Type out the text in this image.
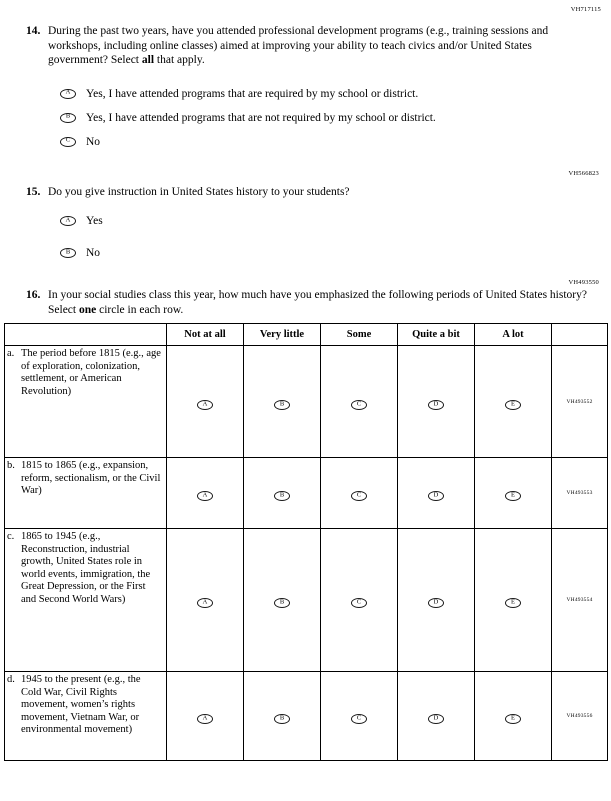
VH717115
14. During the past two years, have you attended professional development programs (e.g., training sessions and workshops, including online classes) aimed at improving your ability to teach civics and/or United States government? Select all that apply.

A Yes, I have attended programs that are required by my school or district.
B Yes, I have attended programs that are not required by my school or district.
C No
VH566823
15. Do you give instruction in United States history to your students?

A Yes
B No
VH493550
16. In your social studies class this year, how much have you emphasized the following periods of United States history? Select one circle in each row.

	Not at all	Very little	Some	Quite a bit	A lot	

a. The period before 1815 (e.g., age of exploration, colonization, settlement, or American Revolution)	A	B	C	D	E	VH493552

b. 1815 to 1865 (e.g., expansion, reform, sectionalism, or the Civil War)	A	B	C	D	E	VH493553

c. 1865 to 1945 (e.g., Reconstruction, industrial growth, United States role in world events, immigration, the Great Depression, or the First and Second World Wars)	A	B	C	D	E	VH493554

d. 1945 to the present (e.g., the Cold War, Civil Rights movement, women’s rights movement, Vietnam War, or environmental movement)	A	B	C	D	E	VH493556
